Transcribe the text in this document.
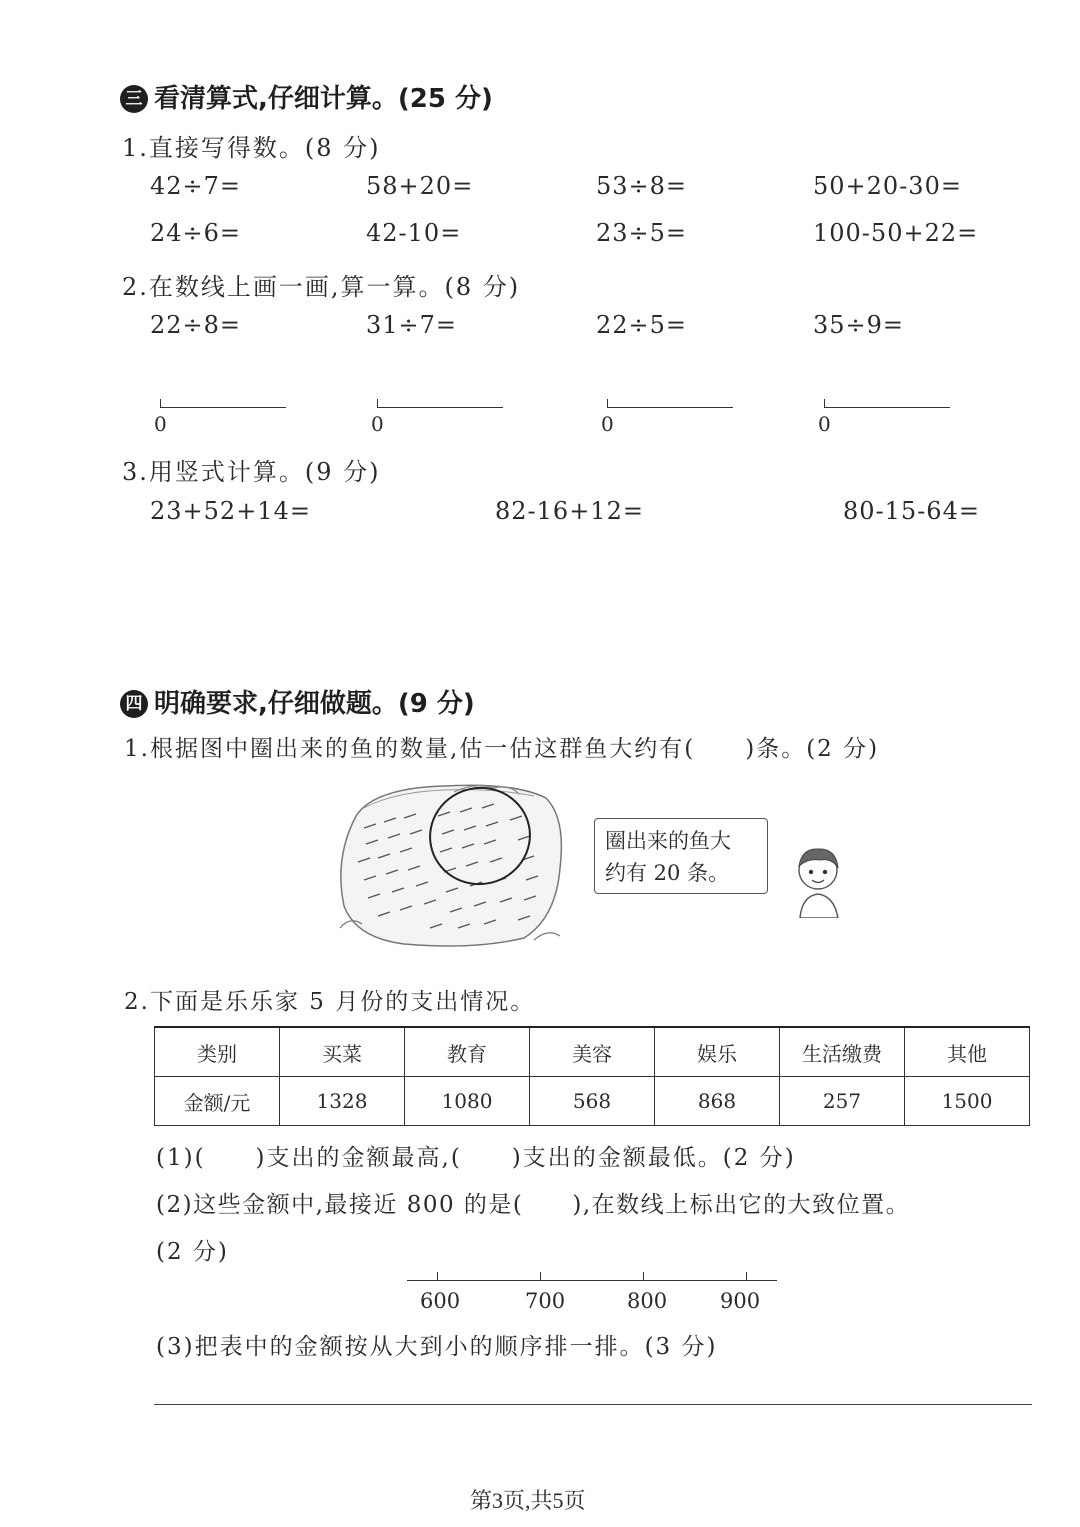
三 看清算式,仔细计算。(25 分)
1.直接写得数。(8 分)
42÷7=	58+20=	53÷8=	50+20-30=
24÷6=	42-10=	23÷5=	100-50+22=
2.在数线上画一画,算一算。(8 分)
22÷8=	31÷7=	22÷5=	35÷9=
0	0	0	0
3.用竖式计算。(9 分)
23+52+14=	82-16+12=	80-15-64=
四 明确要求,仔细做题。(9 分)
1.根据图中圈出来的鱼的数量,估一估这群鱼大约有(　　)条。(2 分)
圈出来的鱼大
约有 20 条。
2.下面是乐乐家 5 月份的支出情况。
类别	买菜	教育	美容	娱乐	生活缴费	其他
金额/元	1328	1080	568	868	257	1500
(1)(　　)支出的金额最高,(　　)支出的金额最低。(2 分)
(2)这些金额中,最接近 800 的是(　　),在数线上标出它的大致位置。
(2 分)
600	700	800	900
(3)把表中的金额按从大到小的顺序排一排。(3 分)
第3页,共5页
